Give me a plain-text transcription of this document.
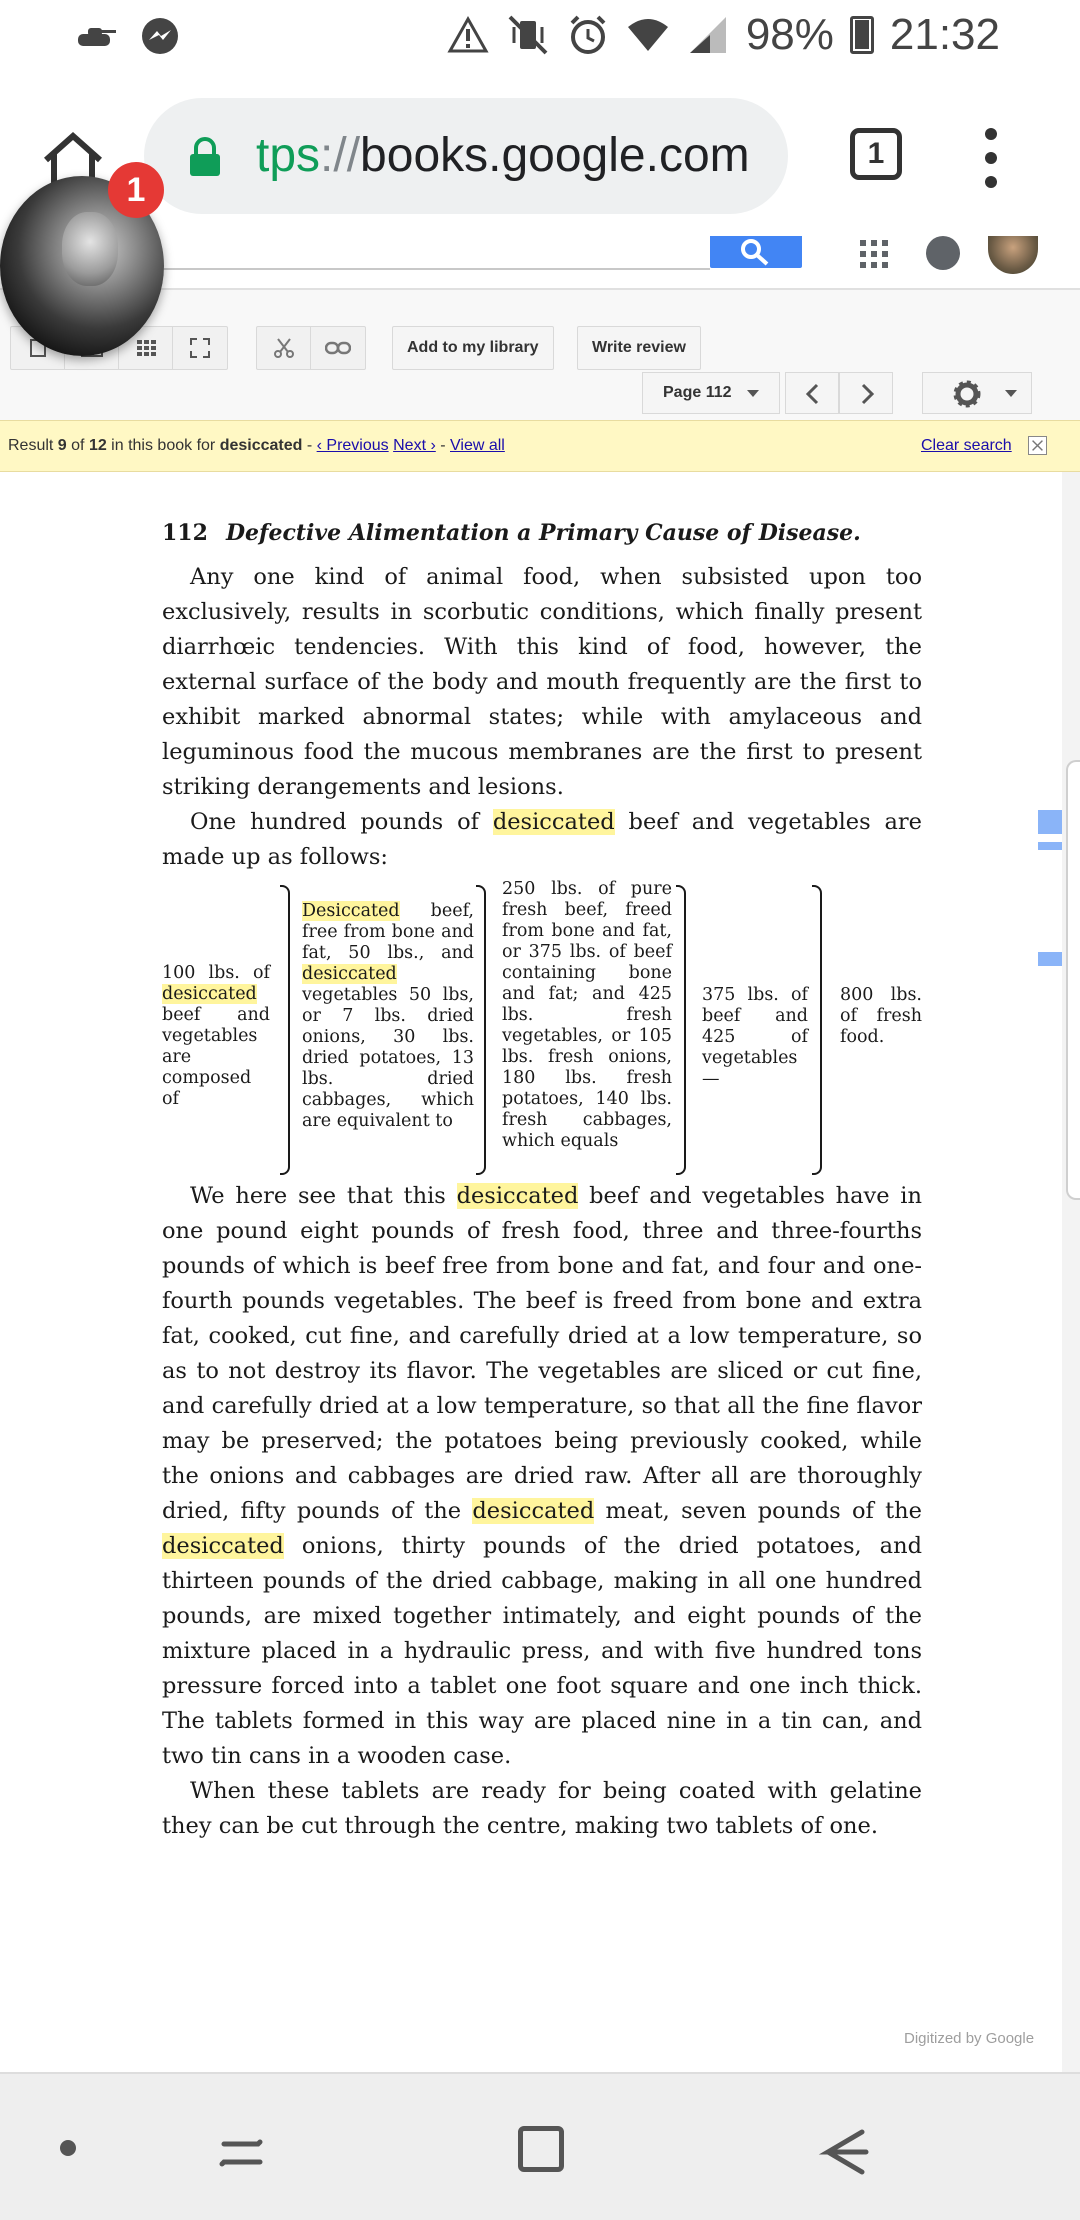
98% 21:32
tps://books.google.com	1
Add to my library	Write review
Page 112
Result 9 of 12 in this book for desiccated - ‹ Previous Next › - View all	Clear search
112 Defective Alimentation a Primary Cause of Disease.

Any one kind of animal food, when subsisted upon too exclusively, results in scorbutic conditions, which finally present diarrhœic tendencies. With this kind of food, however, the external surface of the body and mouth frequently are the first to exhibit marked abnormal states; while with amylaceous and leguminous food the mucous membranes are the first to present striking derangements and lesions.

One hundred pounds of desiccated beef and vegetables are made up as follows:

100 lbs. of desiccated beef and vegetables are composed of
Desiccated beef, free from bone and fat, 50 lbs., and desiccated vegetables 50 lbs, or 7 lbs. dried onions, 30 lbs. dried potatoes, 13 lbs. dried cabbages, which are equivalent to
250 lbs. of pure fresh beef, freed from bone and fat, or 375 lbs. of beef containing bone and fat; and 425 lbs. fresh vegetables, or 105 lbs. fresh onions, 180 lbs. fresh potatoes, 140 lbs. fresh cabbages, which equals
375 lbs. of beef and 425 of vegetables—
800 lbs. of fresh food.

We here see that this desiccated beef and vegetables have in one pound eight pounds of fresh food, three and three-fourths pounds of which is beef free from bone and fat, and four and one-fourth pounds vegetables. The beef is freed from bone and extra fat, cooked, cut fine, and carefully dried at a low temperature, so as to not destroy its flavor. The vegetables are sliced or cut fine, and carefully dried at a low temperature, so that all the fine flavor may be preserved; the potatoes being previously cooked, while the onions and cabbages are dried raw. After all are thoroughly dried, fifty pounds of the desiccated meat, seven pounds of the desiccated onions, thirty pounds of the dried potatoes, and thirteen pounds of the dried cabbage, making in all one hundred pounds, are mixed together intimately, and eight pounds of the mixture placed in a hydraulic press, and with five hundred tons pressure forced into a tablet one foot square and one inch thick. The tablets formed in this way are placed nine in a tin can, and two tin cans in a wooden case.

When these tablets are ready for being coated with gelatine they can be cut through the centre, making two tablets of one.

Digitized by Google
1
